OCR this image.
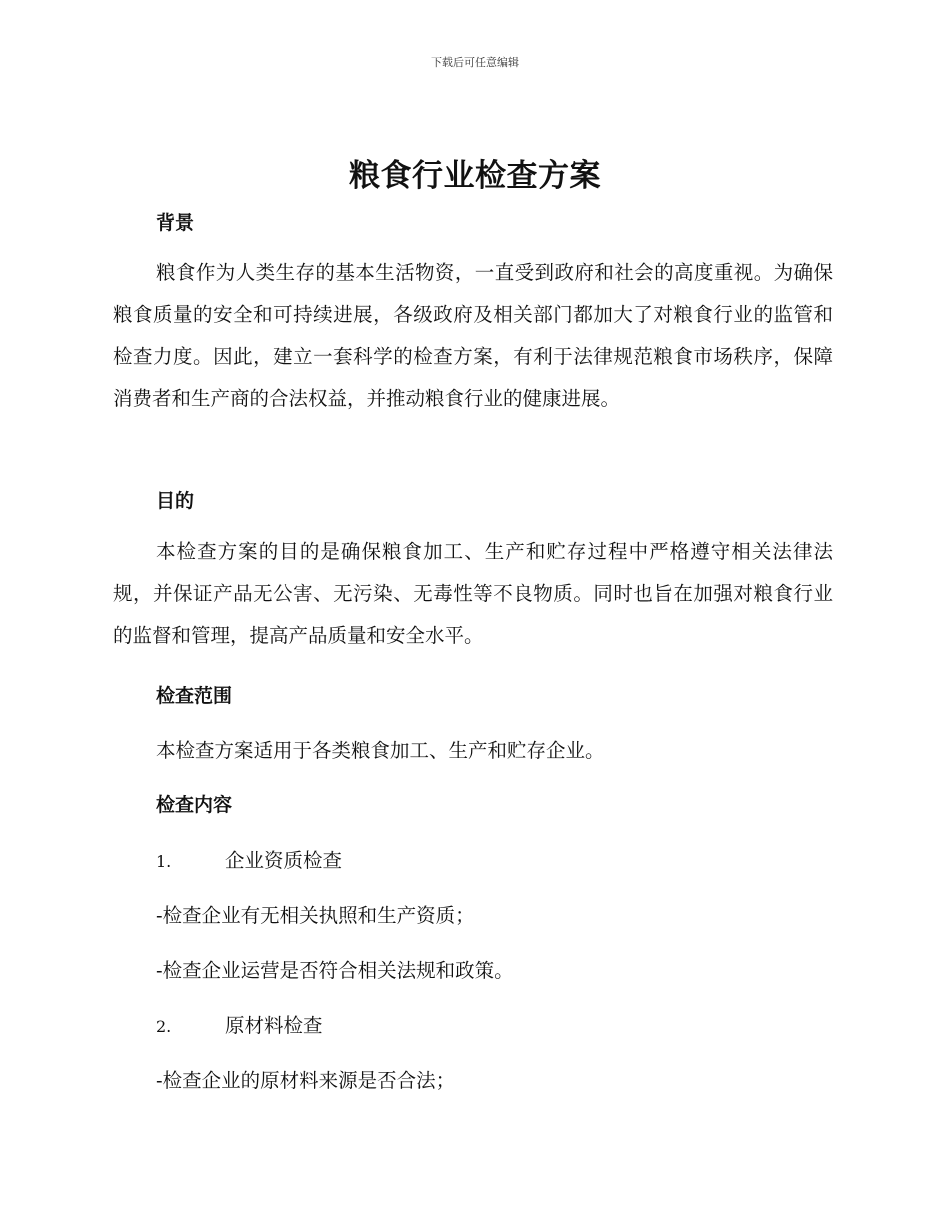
下载后可任意编辑
粮食行业检查方案
背景

粮食作为人类生存的基本生活物资，一直受到政府和社会的高度重视。为确保粮食质量的安全和可持续进展，各级政府及相关部门都加大了对粮食行业的监管和检查力度。因此，建立一套科学的检查方案，有利于法律规范粮食市场秩序，保障消费者和生产商的合法权益，并推动粮食行业的健康进展。

目的

本检查方案的目的是确保粮食加工、生产和贮存过程中严格遵守相关法律法规，并保证产品无公害、无污染、无毒性等不良物质。同时也旨在加强对粮食行业的监督和管理，提高产品质量和安全水平。

检查范围
本检查方案适用于各类粮食加工、生产和贮存企业。
检查内容
1.	企业资质检查
-检查企业有无相关执照和生产资质；
-检查企业运营是否符合相关法规和政策。
2.	原材料检查
-检查企业的原材料来源是否合法；
